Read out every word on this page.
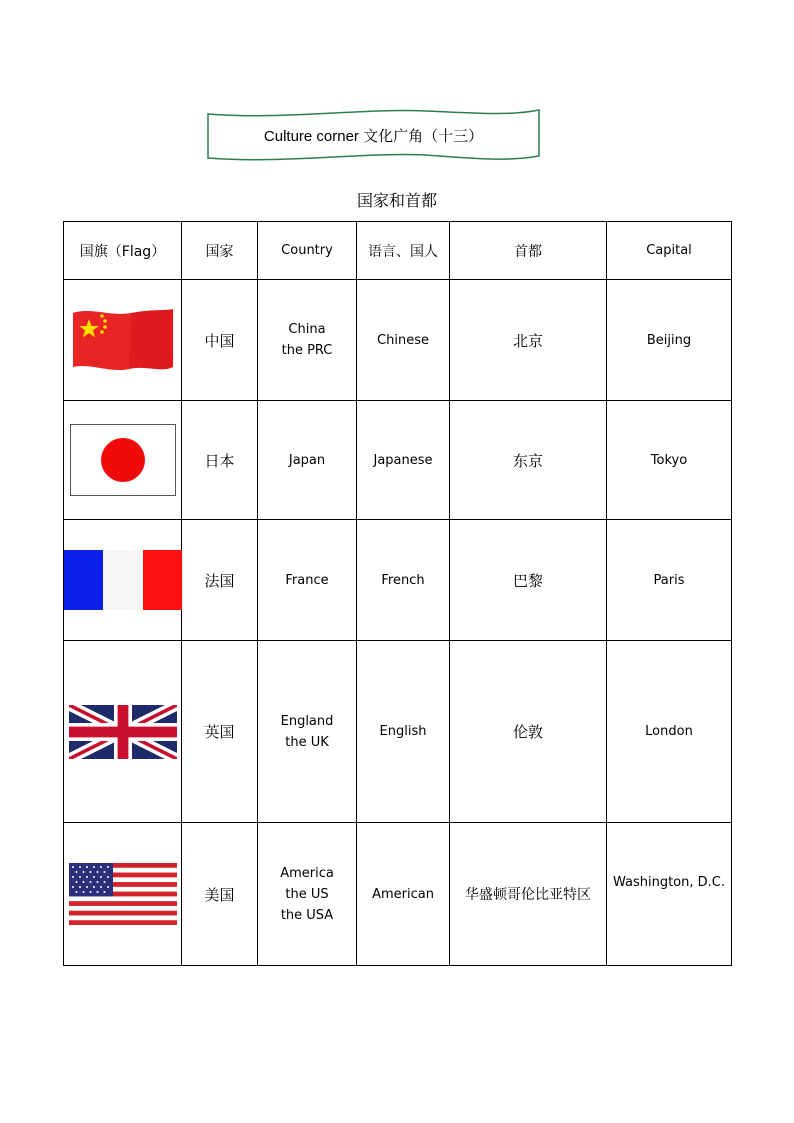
Culture corner 文化广角（十三）
国家和首都
国旗（Flag）	国家	Country	语言、国人	首都	Capital

	中国	China
the PRC	Chinese	北京	Beijing

	日本	Japan	Japanese	东京	Tokyo

	法国	France	French	巴黎	Paris

	英国	England
the UK	English	伦敦	London

	美国	America
the US
the USA	American	华盛顿哥伦比亚特区	Washington, D.C.
